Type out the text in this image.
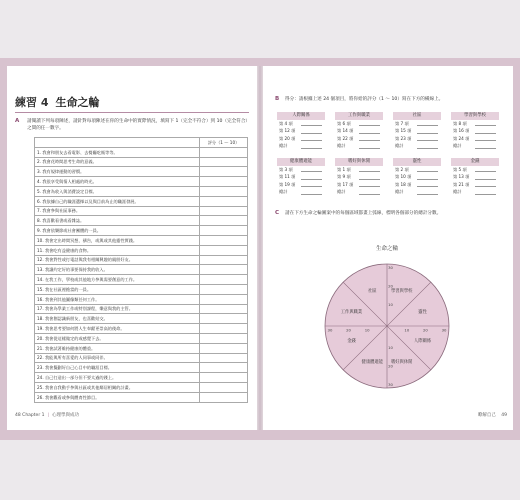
練習 4 生命之輪
A 請閱讀下列每項陳述，請針對每項陳述在你的生命中的實際情況，填寫下 1（完全不符合）到 10（完全符合）之間的任一數字。
	評分（1 ～ 10）
1. 我會和朋友去看電影、去餐廳吃飯等等。	
2. 我會花時間思考生命的意義。	
3. 我有規律運動的習慣。	
4. 我很享受與情人相處的時光。	
5. 我會為收入與消費設定目標。	
6. 我依據自己的職涯選擇以及與目前為止的職涯發展。	
7. 我會參與社區事務。	
8. 我喜歡看書或看雜誌。	
9. 我會依樂節或社會團體的一員。	
10. 我會定出時間冥想、禱告，或與或其他靈性實踐。	
11. 我會吃有益健康的食物。	
12. 我會對性或打電話與我有相關興趣的親朋好友。	
13. 我讓約定好的事要保持我的收入。	
14. 在我工作，學校或其他地方參與需要創意的工作。	
15. 我在社區裡擔當的一員。	
16. 我會到其他圖像類任何工作。	
17. 我會為學業工作或特別課程，樂意與我的主管。	
18. 我會創認識新朋友，也喜歡結交。	
19. 我會思考要如何將人生奉獻更崇高的使命。	
20. 我會從這樣做定的或感覺下去。	
21. 我會試著維持健康的體重。	
22. 我能與所有喜愛的人同事或同伴。	
23. 我會擬劃好自己心目中的職涯目標。	
24. 自己打造出一部分但不要太過的錢上。	
25. 我會自我動手參與社區或其他鄰居相關的計畫。	
26. 我會觀看或參與體育性節目。	
48 Chapter 1 | 心理學與成功
B 得分：請根據上述 24 個項目，將你給的評分（1 ～ 10）寫在下方的橫線上。
人際關係
第 4 項
第 12 項
第 20 項
總計
工作與職業
第 6 項
第 14 項
第 22 項
總計
社區
第 7 項
第 15 項
第 23 項
總計
學習與學校
第 8 項
第 16 項
第 24 項
總計
健康體適能
第 3 項
第 11 項
第 19 項
總計
嗜好與休閒
第 1 項
第 9 項
第 17 項
總計
靈性
第 2 項
第 10 項
第 18 項
總計
金錢
第 5 項
第 13 項
第 21 項
總計
C 請在下方生命之輪圖案中的每個區域都畫上弧線，標明各個部分的總計分數。
生命之輪
學習與學校
靈性
人際關係
嗜好與休閒
健康體適能
金錢
工作與職業
社區
30
30	30
30
20
20	20
20
10
10	10
10
瞭解自己 49
